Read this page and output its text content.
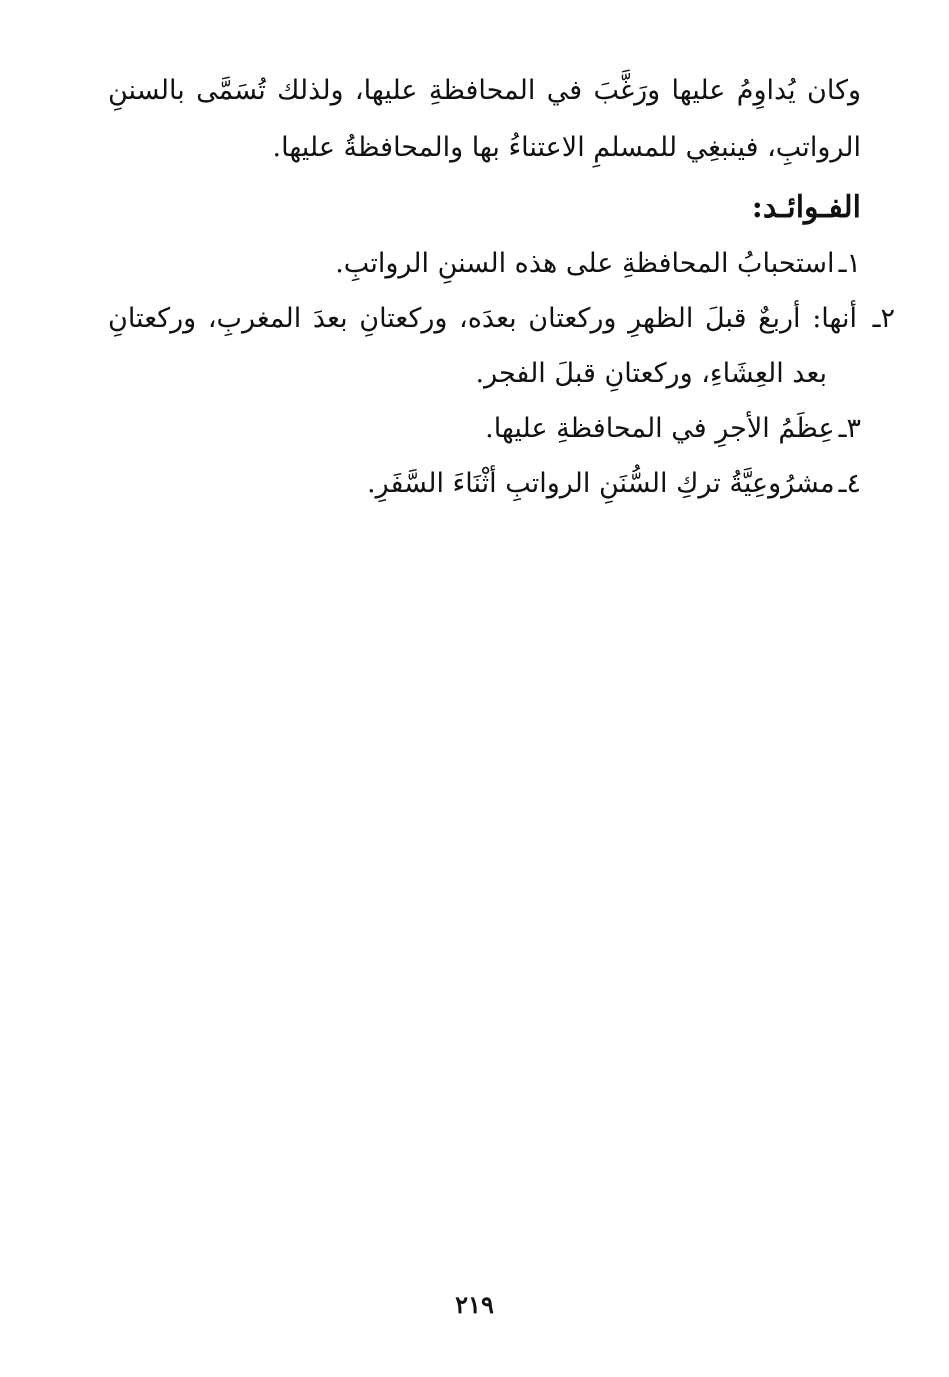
وكان يُداوِمُ عليها ورَغَّبَ في المحافظةِ عليها، ولذلك تُسَمَّى بالسننِ الرواتبِ، فينبغِي للمسلمِ الاعتناءُ بها والمحافظةُ عليها.

الفـوائـد:
١ـاستحبابُ المحافظةِ على هذه السننِ الرواتبِ.
٢ـأنها: أربعٌ قبلَ الظهرِ وركعتان بعدَه، وركعتانِ بعدَ المغربِ، وركعتانِ بعد العِشَاءِ، وركعتانِ قبلَ الفجر.
٣ـعِظَمُ الأجرِ في المحافظةِ عليها.
٤ـمشرُوعِيَّةُ تركِ السُّنَنِ الرواتبِ أثْنَاءَ السَّفَرِ.
٢١٩
